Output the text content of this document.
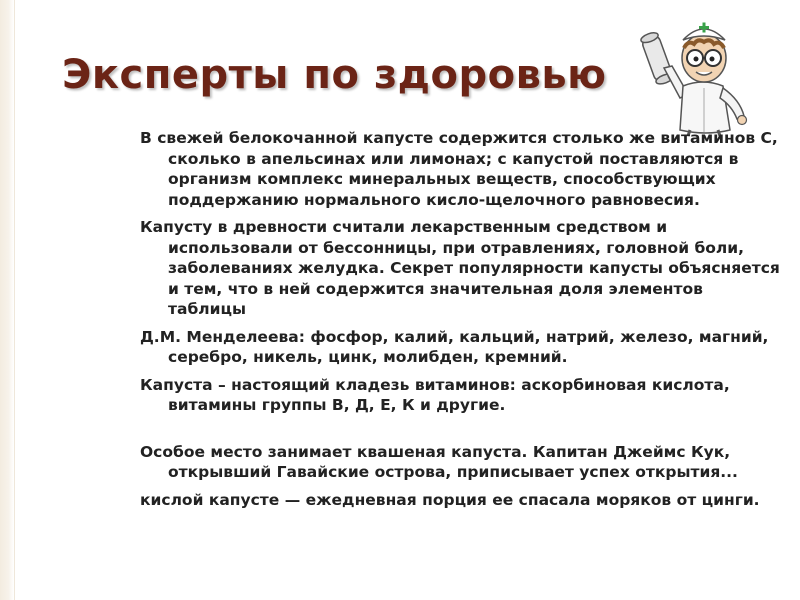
Эксперты по здоровью

В свежей белокочанной капусте содержится столько же витаминов С, сколько в апельсинах или лимонах; с капустой поставляются в организм комплекс минеральных веществ, способствующих поддержанию нормального кисло-щелочного равновесия.

Капусту в древности считали лекарственным средством и использовали от бессонницы, при отравлениях, головной боли, заболеваниях желудка. Секрет популярности капусты объясняется и тем, что в ней содержится значительная доля элементов таблицы

Д.М. Менделеева: фосфор, калий, кальций, натрий, железо, магний, серебро, никель, цинк, молибден, кремний.

Капуста – настоящий кладезь витаминов: аскорбиновая кислота, витамины группы В, Д, Е, К и другие.

Особое место занимает квашеная капуста. Капитан Джеймс Кук, открывший Гавайские острова, приписывает успех открытия...

кислой капусте — ежедневная порция ее спасала моряков от цинги.
